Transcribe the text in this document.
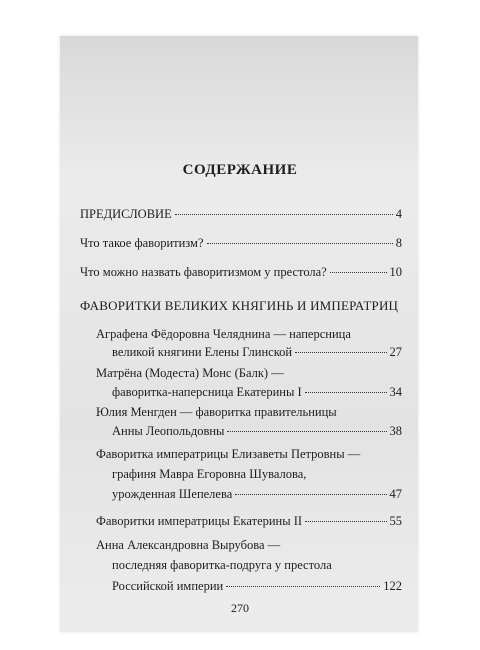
СОДЕРЖАНИЕ
ПРЕДИСЛОВИЕ	4
Что такое фаворитизм?	8
Что можно назвать фаворитизмом у престола?	10
ФАВОРИТКИ ВЕЛИКИХ КНЯГИНЬ И ИМПЕРАТРИЦ
Аграфена Фёдоровна Челяднина — наперсница
великой княгини Елены Глинской	27
Матрёна (Модеста) Монс (Балк) —
фаворитка-наперсница Екатерины I	34
Юлия Менгден — фаворитка правительницы
Анны Леопольдовны	38
Фаворитка императрицы Елизаветы Петровны —
графиня Мавра Егоровна Шувалова,
урожденная Шепелева	47
Фаворитки императрицы Екатерины II	55
Анна Александровна Вырубова —
последняя фаворитка-подруга у престола
Российской империи	122
270
